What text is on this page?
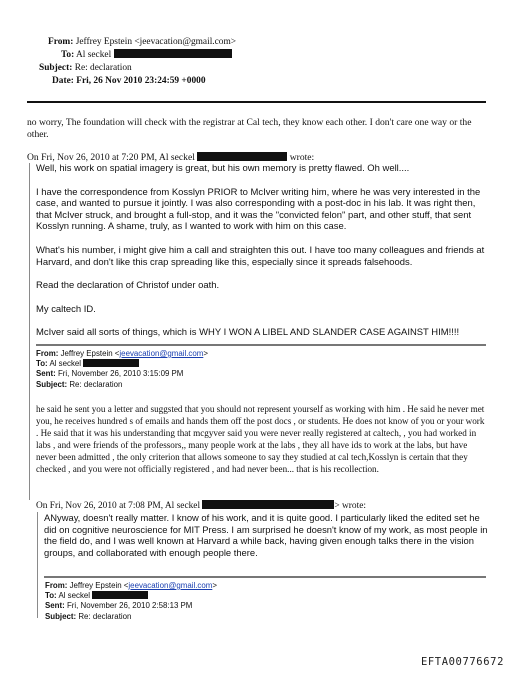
From: Jeffrey Epstein <jeevacation@gmail.com>
To: Al seckel
Subject: Re: declaration
Date: Fri, 26 Nov 2010 23:24:59 +0000

no worry, The foundation will check with the registrar at Cal tech, they know each other. I don't care one way or the other.

On Fri, Nov 26, 2010 at 7:20 PM, Al seckel	wrote:

Well, his work on spatial imagery is great, but his own memory is pretty flawed. Oh well....

I have the correspondence from Kosslyn PRIOR to McIver writing him, where he was very interested in the case, and wanted to pursue it jointly. I was also corresponding with a post-doc in his lab. It was right then, that McIver struck, and brought a full-stop, and it was the "convicted felon" part, and other stuff, that sent Kosslyn running. A shame, truly, as I wanted to work with him on this case.

What's his number, i might give him a call and straighten this out. I have too many colleagues and friends at Harvard, and don't like this crap spreading like this, especially since it spreads falsehoods.

Read the declaration of Christof under oath.

My caltech ID.

McIver said all sorts of things, which is WHY I WON A LIBEL AND SLANDER CASE AGAINST HIM!!!!

From: Jeffrey Epstein <jeevacation@gmail.com>
To: Al seckel
Sent: Fri, November 26, 2010 3:15:09 PM
Subject: Re: declaration

he said he sent you a letter and suggsted that you should not represent yourself as working with him . He said he never met you, he receives hundred s of emails and hands them off the post docs , or students. He does not know of you or your work . He said that it was his understanding that mcgyver said you were never really registered at caltech, , you had worked in labs , and were friends of the professors,, many people work at the labs , they all have ids to work at the labs, but have never been admitted , the only criterion that allows someone to say they studied at cal tech,Kosslyn is certain that they checked , and you were not officially registered , and had never been... that is his recollection.

On Fri, Nov 26, 2010 at 7:08 PM, Al seckel	> wrote:

ANyway, doesn't really matter. I know of his work, and it is quite good. I particularly liked the edited set he did on cognitive neuroscience for MIT Press. I am surprised he doesn't know of my work, as most people in the field do, and I was well known at Harvard a while back, having given enough talks there in the vision groups, and collaborated with enough people there.

From: Jeffrey Epstein <jeevacation@gmail.com>
To: Al seckel
Sent: Fri, November 26, 2010 2:58:13 PM
Subject: Re: declaration
EFTA00776672
